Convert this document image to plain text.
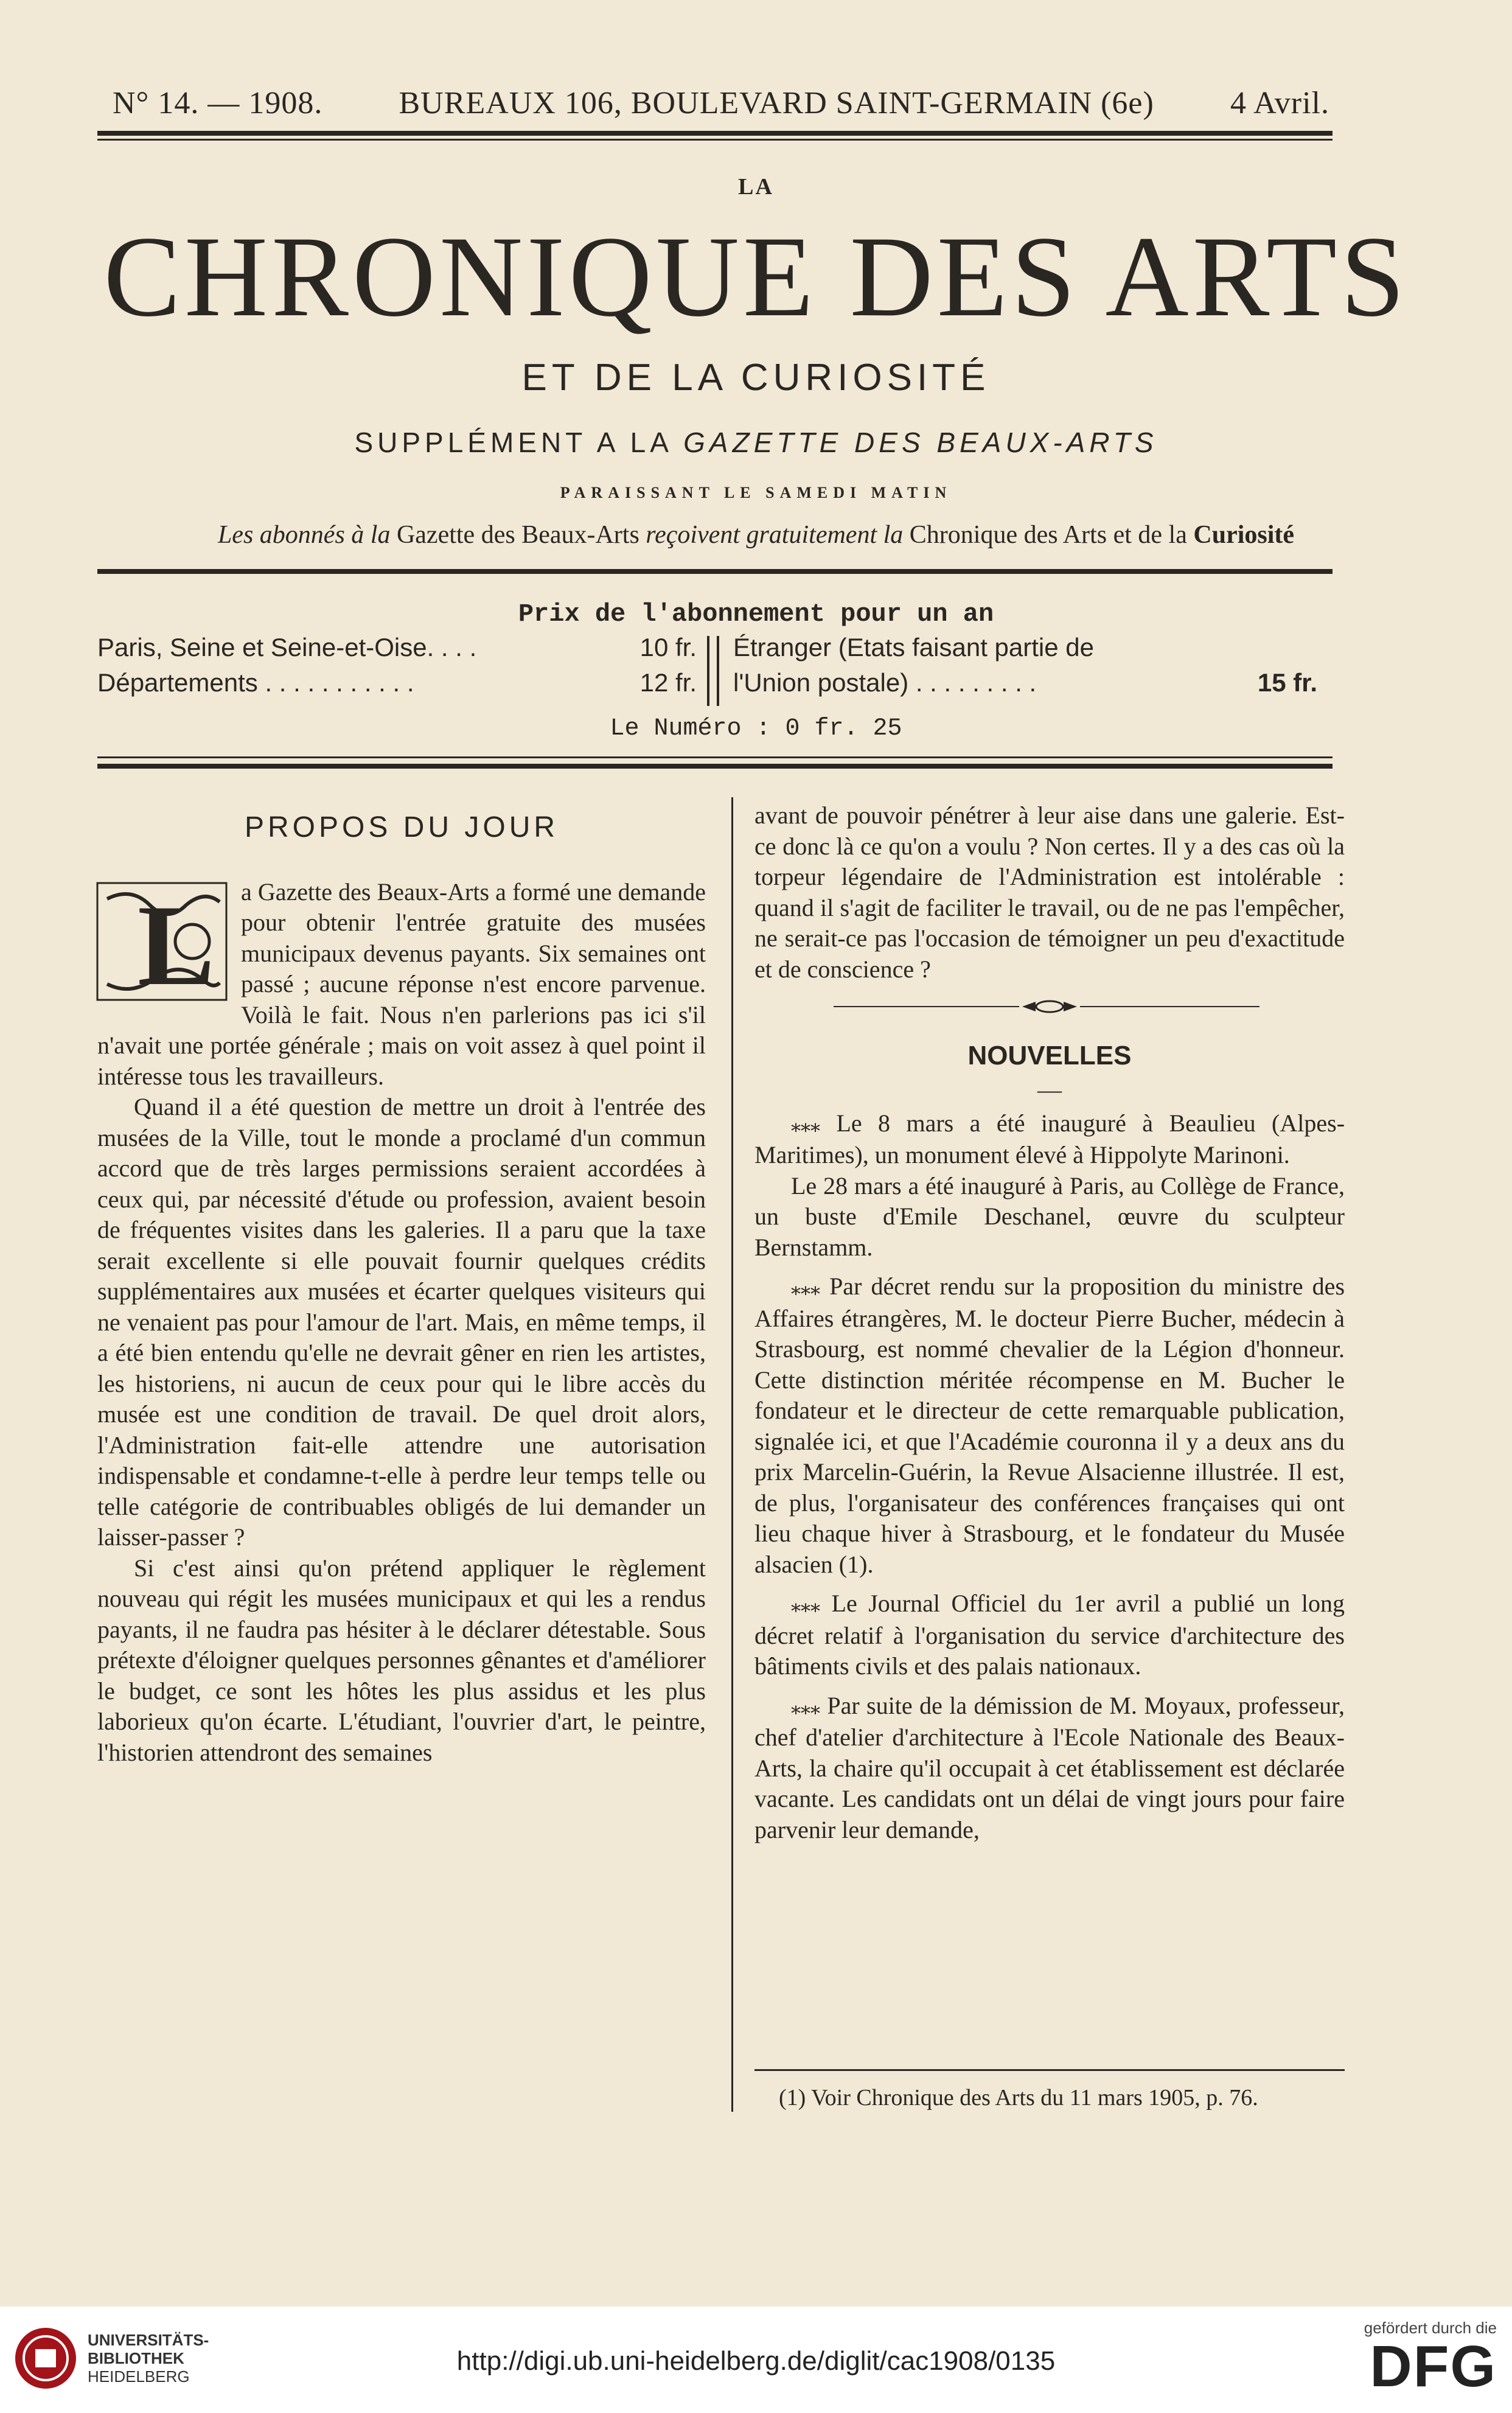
N° 14. — 1908. BUREAUX 106, BOULEVARD SAINT-GERMAIN (6e) 4 Avril.
LA
CHRONIQUE DES ARTS
ET DE LA CURIOSITÉ
SUPPLÉMENT A LA GAZETTE DES BEAUX-ARTS
PARAISSANT LE SAMEDI MATIN
Les abonnés à la Gazette des Beaux-Arts reçoivent gratuitement la Chronique des Arts et de la Curiosité
Prix de l'abonnement pour un an
Paris, Seine et Seine-et-Oise. . . .	10 fr.
Départements . . . . . . . . . . .	12 fr.
Étranger (Etats faisant partie de
l'Union postale) . . . . . . . . .	15 fr.
Le Numéro : 0 fr. 25
PROPOS DU JOUR
L	a Gazette des Beaux-Arts a formé une demande pour obtenir l'entrée gratuite des musées municipaux devenus payants. Six semaines ont passé ; aucune réponse n'est encore parvenue. Voilà le fait. Nous n'en parlerions pas ici s'il n'avait une portée générale ; mais on voit assez à quel point il intéresse tous les travailleurs.

Quand il a été question de mettre un droit à l'entrée des musées de la Ville, tout le monde a proclamé d'un commun accord que de très larges permissions seraient accordées à ceux qui, par nécessité d'étude ou profession, avaient besoin de fréquentes visites dans les galeries. Il a paru que la taxe serait excellente si elle pouvait fournir quelques crédits supplémentaires aux musées et écarter quelques visiteurs qui ne venaient pas pour l'amour de l'art. Mais, en même temps, il a été bien entendu qu'elle ne devrait gêner en rien les artistes, les historiens, ni aucun de ceux pour qui le libre accès du musée est une condition de travail. De quel droit alors, l'Administration fait-elle attendre une autorisation indispensable et condamne-t-elle à perdre leur temps telle ou telle catégorie de contribuables obligés de lui demander un laisser-passer ?

Si c'est ainsi qu'on prétend appliquer le règlement nouveau qui régit les musées municipaux et qui les a rendus payants, il ne faudra pas hésiter à le déclarer détestable. Sous prétexte d'éloigner quelques personnes gênantes et d'améliorer le budget, ce sont les hôtes les plus assidus et les plus laborieux qu'on écarte. L'étudiant, l'ouvrier d'art, le peintre, l'historien attendront des semaines

avant de pouvoir pénétrer à leur aise dans une galerie. Est-ce donc là ce qu'on a voulu ? Non certes. Il y a des cas où la torpeur légendaire de l'Administration est intolérable : quand il s'agit de faciliter le travail, ou de ne pas l'empêcher, ne serait-ce pas l'occasion de témoigner un peu d'exactitude et de conscience ?

NOUVELLES
—

⁎⁎⁎ Le 8 mars a été inauguré à Beaulieu (Alpes-Maritimes), un monument élevé à Hippolyte Marinoni.

Le 28 mars a été inauguré à Paris, au Collège de France, un buste d'Emile Deschanel, œuvre du sculpteur Bernstamm.

⁎⁎⁎ Par décret rendu sur la proposition du ministre des Affaires étrangères, M. le docteur Pierre Bucher, médecin à Strasbourg, est nommé chevalier de la Légion d'honneur. Cette distinction méritée récompense en M. Bucher le fondateur et le directeur de cette remarquable publication, signalée ici, et que l'Académie couronna il y a deux ans du prix Marcelin-Guérin, la Revue Alsacienne illustrée. Il est, de plus, l'organisateur des conférences françaises qui ont lieu chaque hiver à Strasbourg, et le fondateur du Musée alsacien (1).

⁎⁎⁎ Le Journal Officiel du 1er avril a publié un long décret relatif à l'organisation du service d'architecture des bâtiments civils et des palais nationaux.

⁎⁎⁎ Par suite de la démission de M. Moyaux, professeur, chef d'atelier d'architecture à l'Ecole Nationale des Beaux-Arts, la chaire qu'il occupait à cet établissement est déclarée vacante. Les candidats ont un délai de vingt jours pour faire parvenir leur demande,

(1) Voir Chronique des Arts du 11 mars 1905, p. 76.
UNIVERSITÄTS-
BIBLIOTHEK
HEIDELBERG
http://digi.ub.uni-heidelberg.de/diglit/cac1908/0135
gefördert durch die
DFG
